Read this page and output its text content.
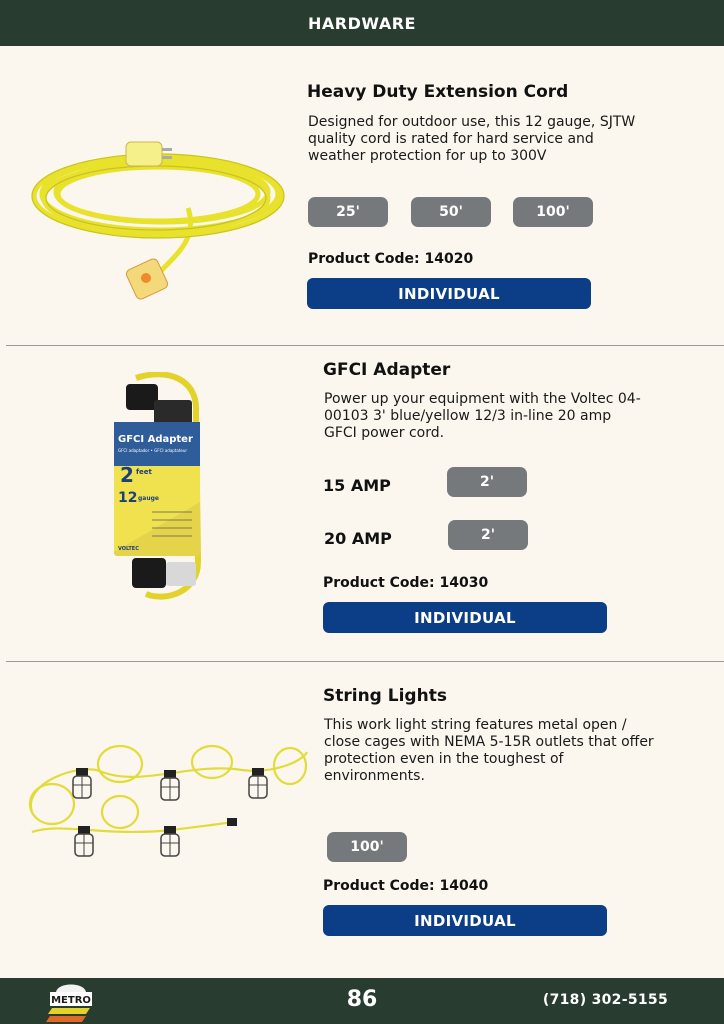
HARDWARE
Heavy Duty Extension Cord
Designed for outdoor use, this 12 gauge, SJTW quality cord is rated for hard service and weather protection for up to 300V
25'	50'	100'
Product Code: 14020
INDIVIDUAL
GFCI Adapter
GFCI adaptador • GFCI adaptateur
2 feet
12 gauge
VOLTEC
GFCI Adapter
Power up your equipment with the Voltec 04-00103 3' blue/yellow 12/3 in-line 20 amp GFCI power cord.
15 AMP	2'
20 AMP	2'
Product Code: 14030
INDIVIDUAL
String Lights
This work light string features metal open / close cages with NEMA 5-15R outlets that offer protection even in the toughest of environments.
100'
Product Code: 14040
INDIVIDUAL
METRO	86	(718) 302-5155
